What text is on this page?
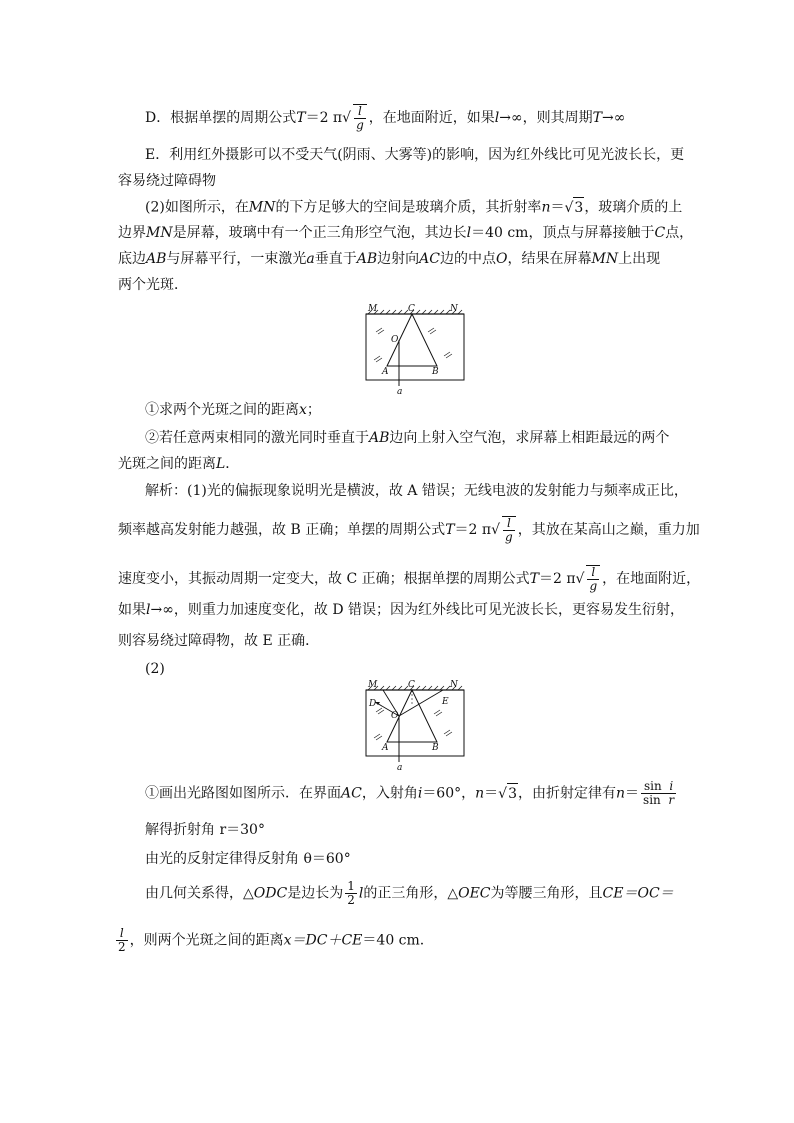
D．根据单摆的周期公式T＝2 $\pi√ \frac{l}{g}$ ，在地面附近，如果l→∞，则其周期T→∞
E．利用红外摄影可以不受天气(阴雨、大雾等)的影响，因为红外线比可见光波长长，更
容易绕过障碍物
(2)如图所示，在MN的下方足够大的空间是玻璃介质，其折射率n＝√3，玻璃介质的上
边界MN是屏幕，玻璃中有一个正三角形空气泡，其边长l＝40 cm，顶点与屏幕接触于C点，
底边AB与屏幕平行，一束激光a垂直于AB边射向AC边的中点O，结果在屏幕MN上出现
两个光斑．
M	C	N
O
A	B
a
①求两个光斑之间的距离x；
②若任意两束相同的激光同时垂直于AB边向上射入空气泡，求屏幕上相距最远的两个
光斑之间的距离L．
解析：(1)光的偏振现象说明光是横波，故 A 错误；无线电波的发射能力与频率成正比，
频率越高发射能力越强，故 B 正确；单摆的周期公式T＝2 $\pi√ \frac{l}{g}$ ，其放在某高山之巅，重力加
速度变小，其振动周期一定变大，故 C 正确；根据单摆的周期公式T＝2 $\pi√ \frac{l}{g}$ ，在地面附近，
如果l→∞，则重力加速度变化，故 D 错误；因为红外线比可见光波长长，更容易发生衍射，
则容易绕过障碍物，故 E 正确．
(2)
M	C	N
D	E
O
A	B
a
①画出光路图如图所示．在界面AC，入射角i＝60°，n＝√3，由折射定律有$n= \frac{\text{sin i}}{\text{sin r}}$
解得折射角 r＝30°
由光的反射定律得反射角 θ＝60°
由几何关系得，△ODC是边长为 $\frac{1}{2}$ l的正三角形，△OEC为等腰三角形，且CE＝OC＝
$\frac{l}{2}$ ，则两个光斑之间的距离x＝DC＋CE＝40 cm.
